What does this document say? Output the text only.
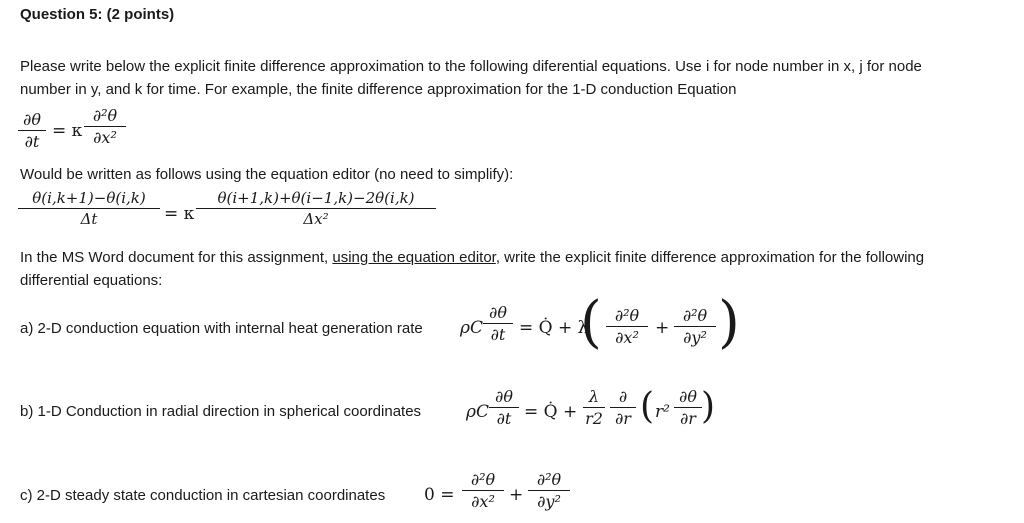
Question 5: (2 points)
Please write below the explicit finite difference approximation to the following diferential equations. Use i for node number in x, j for node
number in y, and k for time. For example, the finite difference approximation for the 1-D conduction Equation
∂θ
∂t
= κ
∂²θ
∂x²
Would be written as follows using the equation editor (no need to simplify):
θ(i,k+1)−θ(i,k)
Δt	= κ
θ(i+1,k)+θ(i−1,k)−2θ(i,k)
Δx²
In the MS Word document for this assignment, using the equation editor, write the explicit finite difference approximation for the following
differential equations:
a) 2-D conduction equation with internal heat generation rate ρC
∂θ
∂t = Q̇ + λ
( ∂²θ
∂x² +
∂²θ
∂y² )
b) 1-D Conduction in radial direction in spherical coordinates	ρC
∂θ
∂t = Q̇ +
λ
r2
∂
∂r ( r²
∂θ
∂r )
c) 2-D steady state conduction in cartesian coordinates 0 =
∂²θ
∂x² +
∂²θ
∂y²
